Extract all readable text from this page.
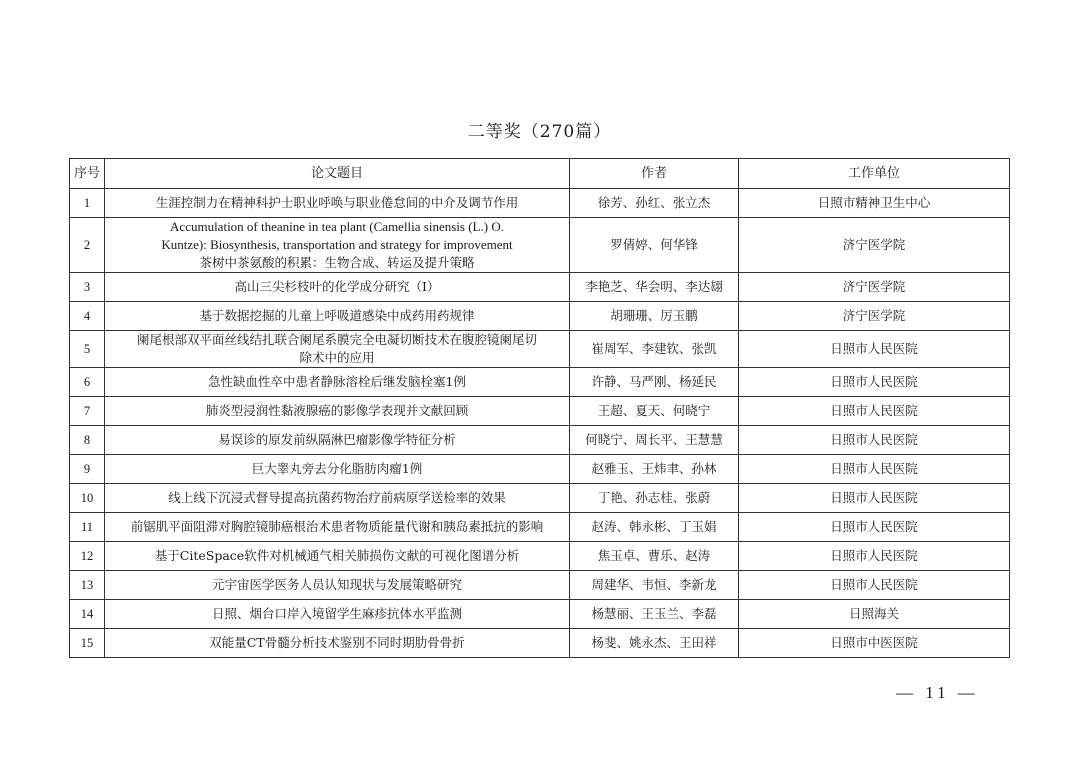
二等奖（270篇）
序号	论文题目	作者	工作单位
1	生涯控制力在精神科护士职业呼唤与职业倦怠间的中介及调节作用	徐芳、孙红、张立杰	日照市精神卫生中心
2	Accumulation of theanine in tea plant (Camellia sinensis (L.) O.
Kuntze): Biosynthesis, transportation and strategy for improvement
茶树中茶氨酸的积累：生物合成、转运及提升策略	罗倩婷、何华锋	济宁医学院
3	高山三尖杉枝叶的化学成分研究（I）	李艳芝、华会明、李达翃	济宁医学院
4	基于数据挖掘的儿童上呼吸道感染中成药用药规律	胡珊珊、厉玉鹏	济宁医学院
5	阑尾根部双平面丝线结扎联合阑尾系膜完全电凝切断技术在腹腔镜阑尾切
除术中的应用	崔周军、李建钦、张凯	日照市人民医院
6	急性缺血性卒中患者静脉溶栓后继发脑栓塞1例	许静、马严刚、杨延民	日照市人民医院
7	肺炎型浸润性黏液腺癌的影像学表现并文献回顾	王超、夏天、何晓宁	日照市人民医院
8	易误诊的原发前纵隔淋巴瘤影像学特征分析	何晓宁、周长平、王慧慧	日照市人民医院
9	巨大睾丸旁去分化脂肪肉瘤1例	赵雅玉、王炜聿、孙林	日照市人民医院
10	线上线下沉浸式督导提高抗菌药物治疗前病原学送检率的效果	丁艳、孙志桂、张蔚	日照市人民医院
11	前锯肌平面阻滞对胸腔镜肺癌根治术患者物质能量代谢和胰岛素抵抗的影响	赵涛、韩永彬、丁玉娟	日照市人民医院
12	基于CiteSpace软件对机械通气相关肺损伤文献的可视化图谱分析	焦玉卓、曹乐、赵涛	日照市人民医院
13	元宇宙医学医务人员认知现状与发展策略研究	周建华、韦恒、李新龙	日照市人民医院
14	日照、烟台口岸入境留学生麻疹抗体水平监测	杨慧丽、王玉兰、李磊	日照海关
15	双能量CT骨髓分析技术鉴别不同时期肋骨骨折	杨斐、姚永杰、王田祥	日照市中医医院
— 11 —
